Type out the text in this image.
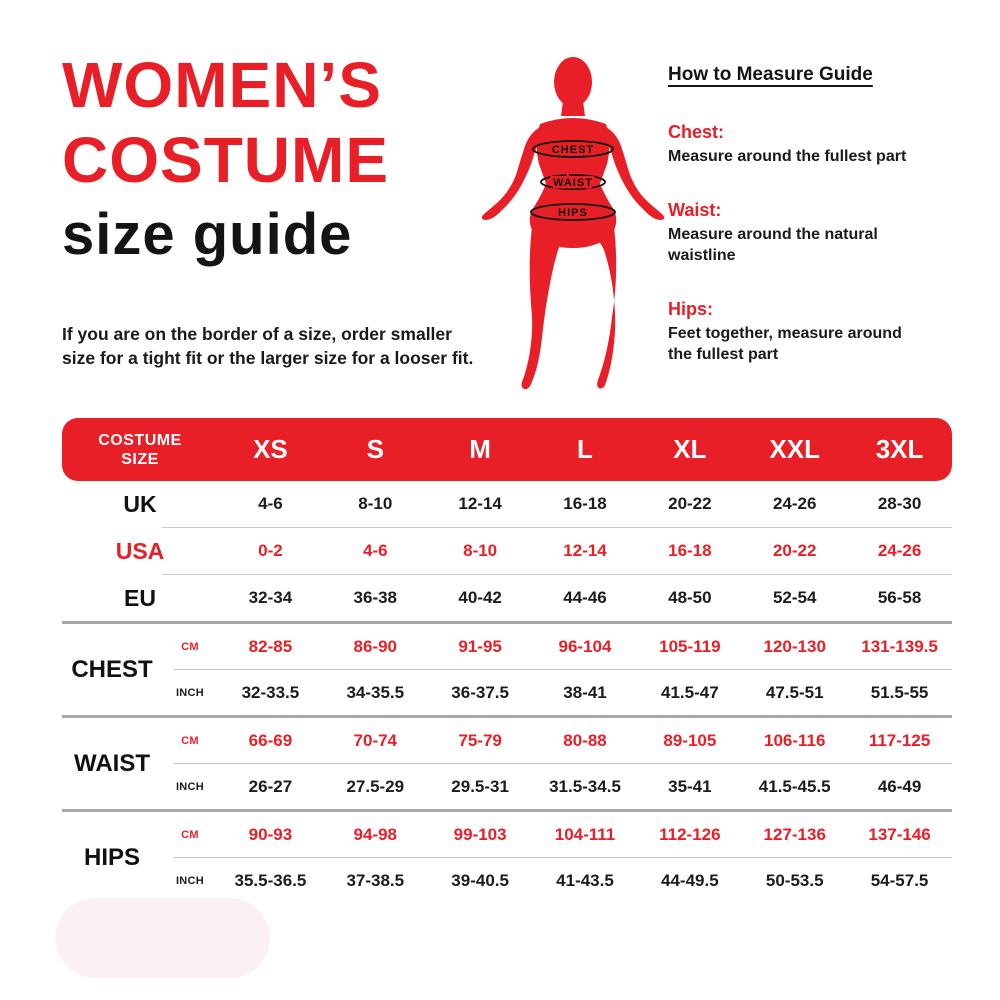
WOMEN’S
COSTUME
size guide

If you are on the border of a size, order smaller
size for a tight fit or the larger size for a looser fit.

CHEST
WAIST
HIPS
How to Measure Guide
Chest:
Measure around the fullest part
Waist:
Measure around the natural waistline
Hips:
Feet together, measure around the fullest part
COSTUME
SIZE	XS	S	M	L	XL	XXL	3XL
UK	4-6	8-10	12-14	16-18	20-22	24-26	28-30
USA	0-2	4-6	8-10	12-14	16-18	20-22	24-26
EU	32-34	36-38	40-42	44-46	48-50	52-54	56-58
CHEST
CM	82-85	86-90	91-95	96-104	105-119	120-130	131-139.5
INCH	32-33.5	34-35.5	36-37.5	38-41	41.5-47	47.5-51	51.5-55
WAIST
CM	66-69	70-74	75-79	80-88	89-105	106-116	117-125
INCH	26-27	27.5-29	29.5-31	31.5-34.5	35-41	41.5-45.5	46-49
HIPS
CM	90-93	94-98	99-103	104-111	112-126	127-136	137-146
INCH	35.5-36.5	37-38.5	39-40.5	41-43.5	44-49.5	50-53.5	54-57.5
